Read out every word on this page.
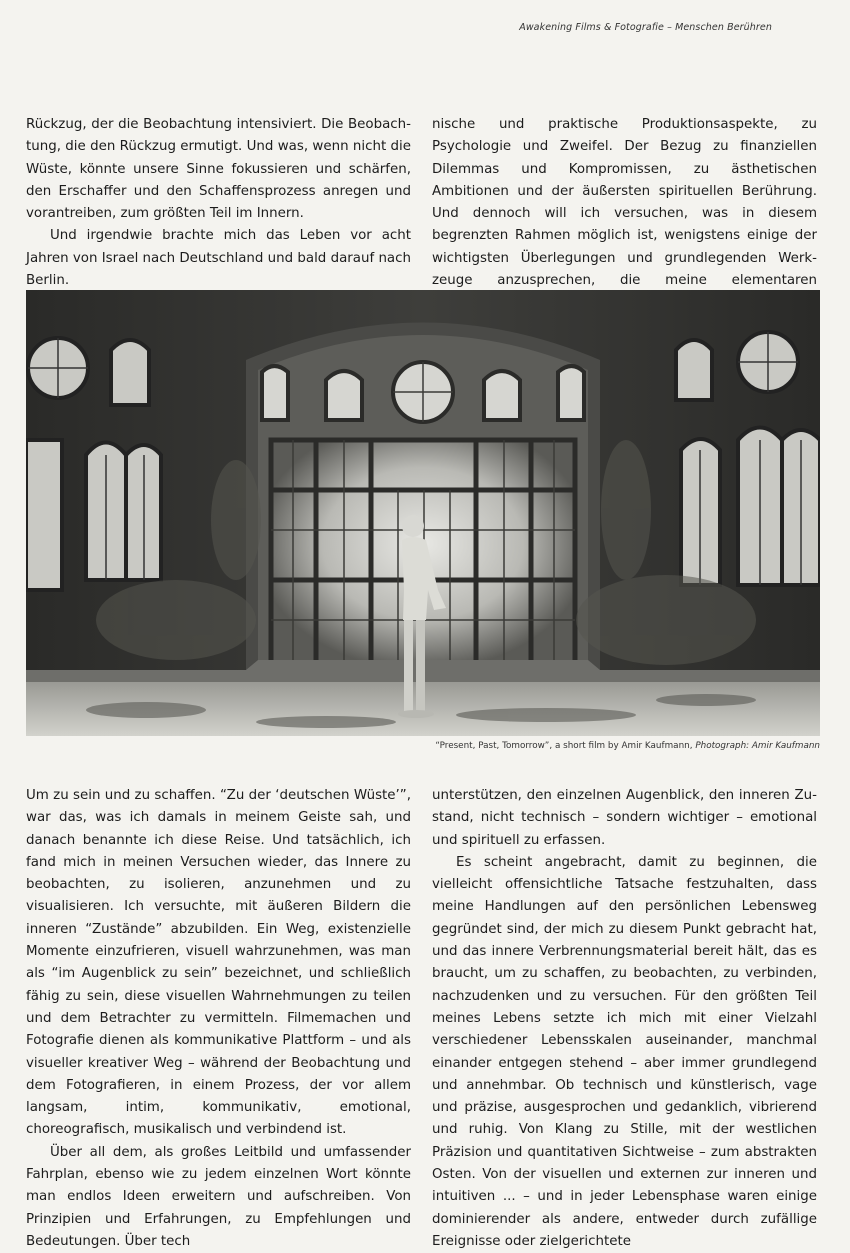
Awakening Films & Fotografie – Menschen Berühren

Rückzug, der die Beobachtung intensiviert. Die Beobachtung, die den Rückzug ermutigt. Und was, wenn nicht die Wüste, könnte unsere Sinne fokussieren und schärfen, den Erschaffer und den Schaffensprozess anregen und vorantreiben, zum größten Teil im Innern.

Und irgendwie brachte mich das Leben vor acht Jahren von Israel nach Deutschland und bald darauf nach Berlin.

nische und praktische Produktionsaspekte, zu Psychologie und Zweifel. Der Bezug zu finanziellen Dilemmas und Kompromissen, zu ästhetischen Ambitionen und der äußersten spirituellen Berührung. Und dennoch will ich versuchen, was in diesem begrenzten Rahmen möglich ist, wenigstens einige der wichtigsten Überlegungen und grundlegenden Werkzeuge anzusprechen, die meine elementaren

“Present, Past, Tomorrow”, a short film by Amir Kaufmann, Photograph: Amir Kaufmann

Um zu sein und zu schaffen. “Zu der ‘deutschen Wüste’”, war das, was ich damals in meinem Geiste sah, und danach benannte ich diese Reise. Und tatsächlich, ich fand mich in meinen Versuchen wieder, das Innere zu beobachten, zu isolieren, anzunehmen und zu visualisieren. Ich versuchte, mit äußeren Bildern die inneren “Zustände” abzubilden. Ein Weg, existenzielle Momente einzufrieren, visuell wahrzunehmen, was man als “im Augenblick zu sein” bezeichnet, und schließlich fähig zu sein, diese visuellen Wahrnehmungen zu teilen und dem Betrachter zu vermitteln. Filmemachen und Fotografie dienen als kommunikative Plattform – und als visueller kreativer Weg – während der Beobachtung und dem Fotografieren, in einem Prozess, der vor allem langsam, intim, kommunikativ, emotional, choreografisch, musikalisch und verbindend ist.

Über all dem, als großes Leitbild und umfassender Fahrplan, ebenso wie zu jedem einzelnen Wort könnte man endlos Ideen erweitern und aufschreiben. Von Prinzipien und Erfahrungen, zu Empfehlungen und Bedeutungen. Über tech

unterstützen, den einzelnen Augenblick, den inneren Zustand, nicht technisch – sondern wichtiger – emotional und spirituell zu erfassen.

Es scheint angebracht, damit zu beginnen, die vielleicht offensichtliche Tatsache festzuhalten, dass meine Handlungen auf den persönlichen Lebensweg gegründet sind, der mich zu diesem Punkt gebracht hat, und das innere Verbrennungsmaterial bereit hält, das es braucht, um zu schaffen, zu beobachten, zu verbinden, nachzudenken und zu versuchen. Für den größten Teil meines Lebens setzte ich mich mit einer Vielzahl verschiedener Lebensskalen auseinander, manchmal einander entgegen stehend – aber immer grundlegend und annehmbar. Ob technisch und künstlerisch, vage und präzise, ausgesprochen und gedanklich, vibrierend und ruhig. Von Klang zu Stille, mit der westlichen Präzision und quantitativen Sichtweise – zum abstrakten Osten. Von der visuellen und externen zur inneren und intuitiven ... – und in jeder Lebensphase waren einige dominierender als andere, entweder durch zufällige Ereignisse oder zielgerichtete
